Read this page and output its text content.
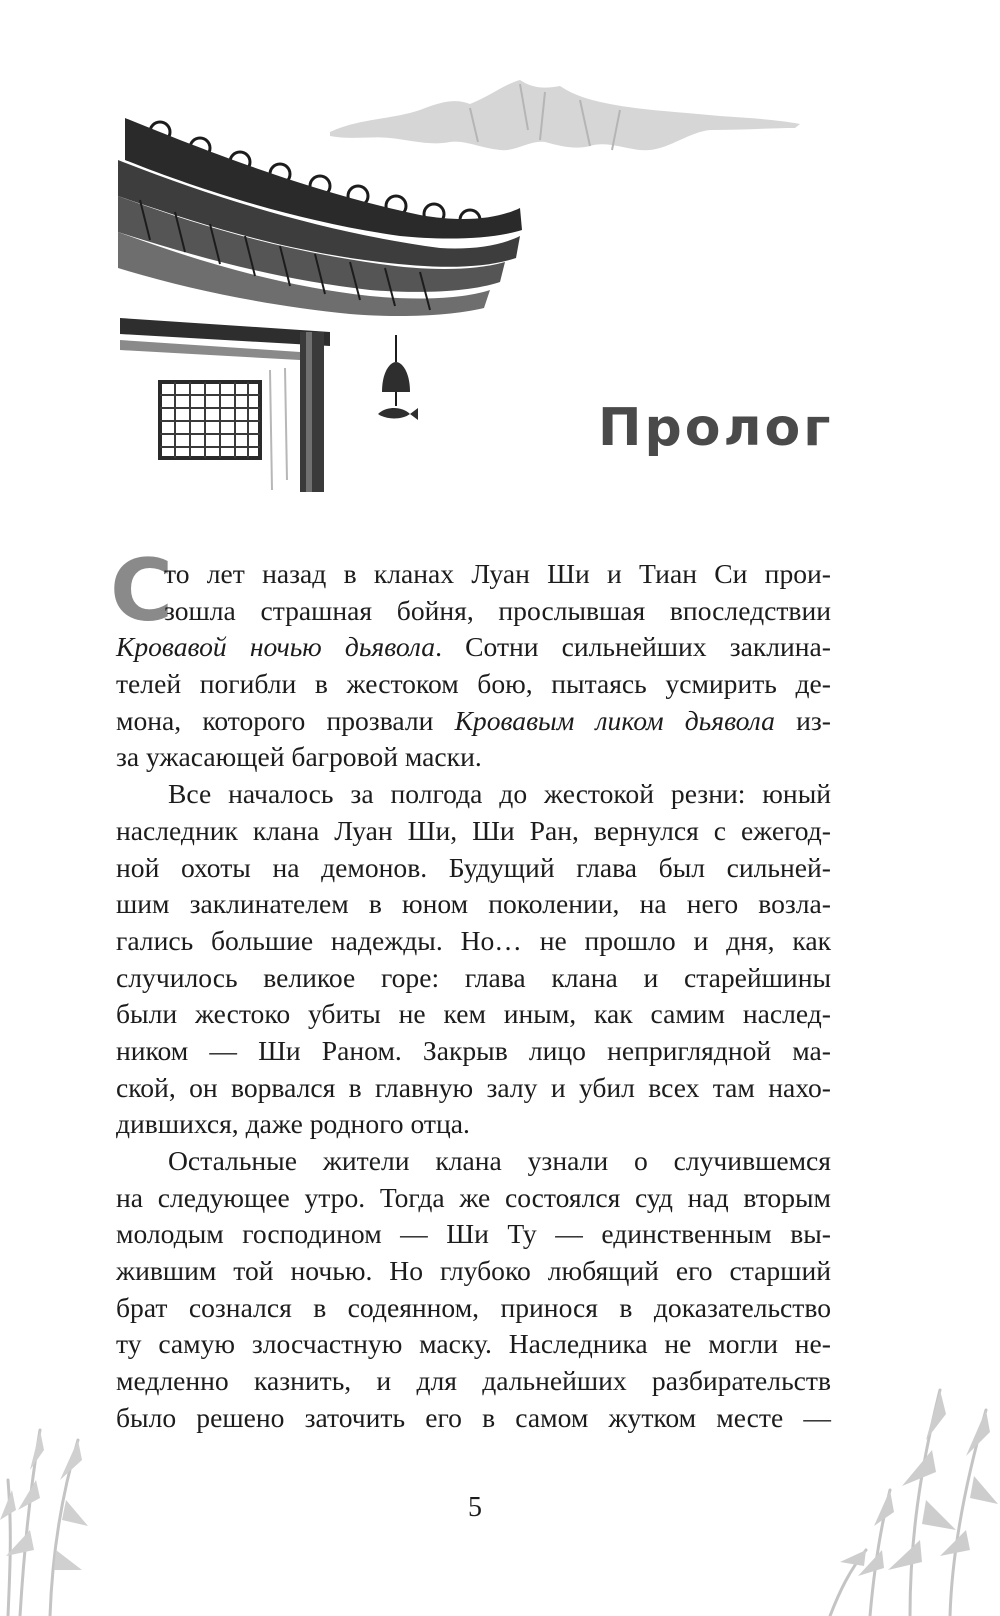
Пролог
С
то лет назад в кланах Луан Ши и Тиан Си прои-
зошла страшная бойня, прослывшая впоследствии
Кровавой ночью дьявола. Сотни сильнейших заклина-
телей погибли в жестоком бою, пытаясь усмирить де-
мона, которого прозвали Кровавым ликом дьявола из-
за ужасающей багровой маски.
Все началось за полгода до жестокой резни: юный
наследник клана Луан Ши, Ши Ран, вернулся с ежегод-
ной охоты на демонов. Будущий глава был сильней-
шим заклинателем в юном поколении, на него возла-
гались большие надежды. Но… не прошло и дня, как
случилось великое горе: глава клана и старейшины
были жестоко убиты не кем иным, как самим наслед-
ником — Ши Раном. Закрыв лицо неприглядной ма-
ской, он ворвался в главную залу и убил всех там нахо-
дившихся, даже родного отца.
Остальные жители клана узнали о случившемся
на следующее утро. Тогда же состоялся суд над вторым
молодым господином — Ши Ту — единственным вы-
жившим той ночью. Но глубоко любящий его старший
брат сознался в содеянном, принося в доказательство
ту самую злосчастную маску. Наследника не могли не-
медленно казнить, и для дальнейших разбирательств
было решено заточить его в самом жутком месте —
5
